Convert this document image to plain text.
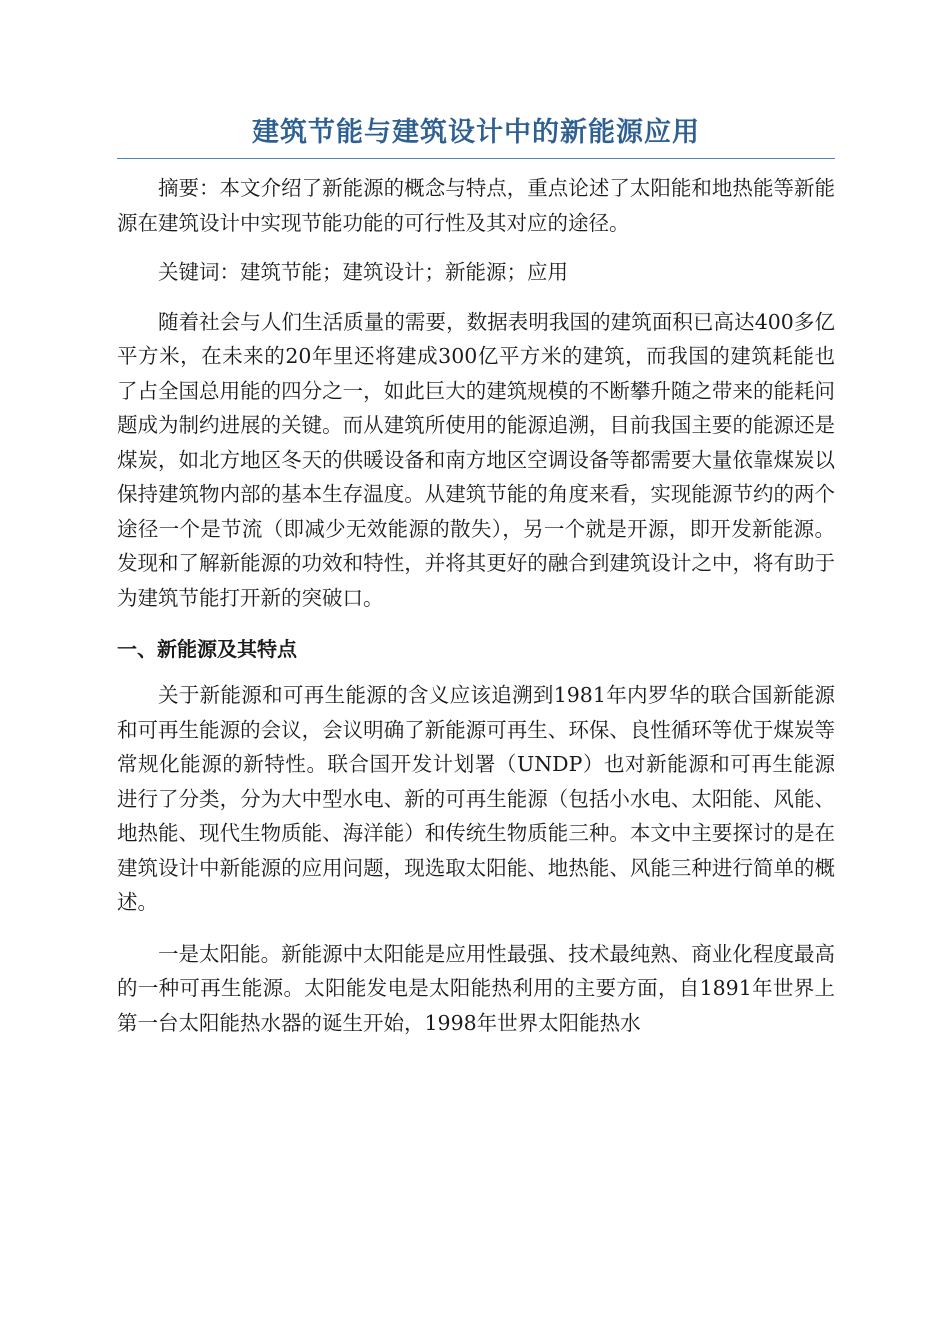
建筑节能与建筑设计中的新能源应用

摘要：本文介绍了新能源的概念与特点，重点论述了太阳能和地热能等新能源在建筑设计中实现节能功能的可行性及其对应的途径。

关键词：建筑节能；建筑设计；新能源；应用

随着社会与人们生活质量的需要，数据表明我国的建筑面积已高达400多亿平方米，在未来的20年里还将建成300亿平方米的建筑，而我国的建筑耗能也了占全国总用能的四分之一，如此巨大的建筑规模的不断攀升随之带来的能耗问题成为制约进展的关键。而从建筑所使用的能源追溯，目前我国主要的能源还是煤炭，如北方地区冬天的供暖设备和南方地区空调设备等都需要大量依靠煤炭以保持建筑物内部的基本生存温度。从建筑节能的角度来看，实现能源节约的两个途径一个是节流（即减少无效能源的散失），另一个就是开源，即开发新能源。发现和了解新能源的功效和特性，并将其更好的融合到建筑设计之中，将有助于为建筑节能打开新的突破口。

一、新能源及其特点

关于新能源和可再生能源的含义应该追溯到1981年内罗华的联合国新能源和可再生能源的会议，会议明确了新能源可再生、环保、良性循环等优于煤炭等常规化能源的新特性。联合国开发计划署（UNDP）也对新能源和可再生能源进行了分类，分为大中型水电、新的可再生能源（包括小水电、太阳能、风能、地热能、现代生物质能、海洋能）和传统生物质能三种。本文中主要探讨的是在建筑设计中新能源的应用问题，现选取太阳能、地热能、风能三种进行简单的概述。

一是太阳能。新能源中太阳能是应用性最强、技术最纯熟、商业化程度最高的一种可再生能源。太阳能发电是太阳能热利用的主要方面，自1891年世界上第一台太阳能热水器的诞生开始，1998年世界太阳能热水
